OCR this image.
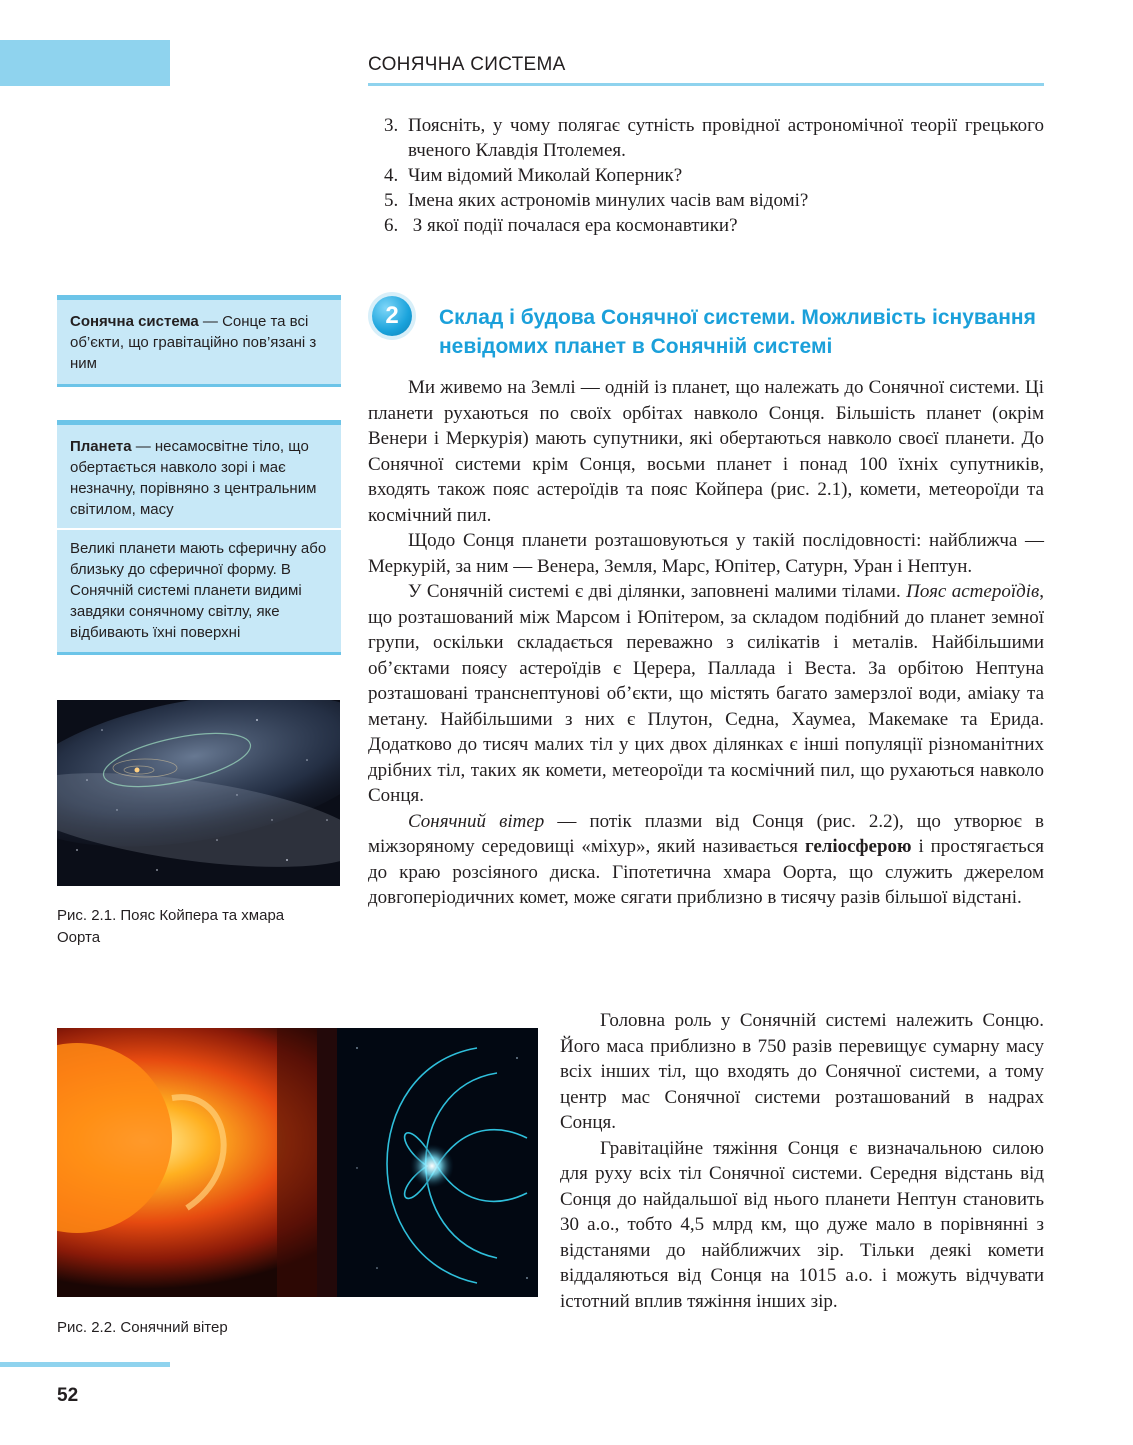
СОНЯЧНА СИСТЕМА
3. Поясніть, у чому полягає сутність провідної астрономічної теорії грецького вченого Клавдія Птолемея.
4. Чим відомий Миколай Коперник?
5. Імена яких астрономів минулих часів вам відомі?
6. З якої події почалася ера космонавтики?

Сонячна система — Сонце та всі об’єкти, що гравітаційно пов’язані з ним

Планета — несамосвітне тіло, що обертається навколо зорі і має незначну, порівняно з центральним світилом, масу

Великі планети мають сферичну або близьку до сферичної форму. В Сонячній системі планети видимі завдяки сонячному світлу, яке відбивають їхні поверхні

Рис. 2.1. Пояс Койпера та хмара Оорта
2	Склад і будова Сонячної системи. Можливість існування невідомих планет в Сонячній системі

Ми живемо на Землі — одній із планет, що належать до Сонячної системи. Ці планети рухаються по своїх орбітах навколо Сонця. Більшість планет (окрім Венери і Меркурія) мають супутники, які обертаються навколо своєї планети. До Сонячної системи крім Сонця, восьми планет і понад 100 їхніх супутників, входять також пояс астероїдів та пояс Койпера (рис. 2.1), комети, метеороїди та космічний пил.

Щодо Сонця планети розташовуються у такій послідовності: найближча — Меркурій, за ним — Венера, Земля, Марс, Юпітер, Сатурн, Уран і Нептун.

У Сонячній системі є дві ділянки, заповнені малими тілами. Пояс астероїдів, що розташований між Марсом і Юпітером, за складом подібний до планет земної групи, оскільки складається переважно з силікатів і металів. Найбільшими об’єктами поясу астероїдів є Церера, Паллада і Веста. За орбітою Нептуна розташовані транснептунові об’єкти, що містять багато замерзлої води, аміаку та метану. Найбільшими з них є Плутон, Седна, Хаумеа, Макемаке та Ерида. Додатково до тисяч малих тіл у цих двох ділянках є інші популяції різноманітних дрібних тіл, таких як комети, метеороїди та космічний пил, що рухаються навколо Сонця.

Сонячний вітер — потік плазми від Сонця (рис. 2.2), що утворює в міжзоряному середовищі «міхур», який називається геліосферою і простягається до краю розсіяного диска. Гіпотетична хмара Оорта, що служить джерелом довгоперіодичних комет, може сягати приблизно в тисячу разів більшої відстані.

Рис. 2.2. Сонячний вітер

Головна роль у Сонячній системі належить Сонцю. Його маса приблизно в 750 разів перевищує сумарну масу всіх інших тіл, що входять до Сонячної системи, а тому центр мас Сонячної системи розташований в надрах Сонця.

Гравітаційне тяжіння Сонця є визначальною силою для руху всіх тіл Сонячної системи. Середня відстань від Сонця до найдальшої від нього планети Нептун становить 30 а.о., тобто 4,5 млрд км, що дуже мало в порівнянні з відстанями до найближчих зір. Тільки деякі комети віддаляються від Сонця на 1015 а.о. і можуть відчувати істотний вплив тяжіння інших зір.

52
